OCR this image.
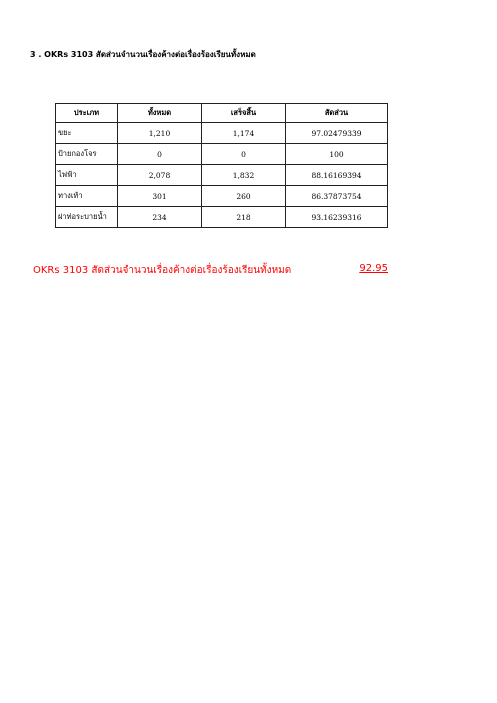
3 . OKRs 3103 สัดส่วนจำนวนเรื่องค้างต่อเรื่องร้องเรียนทั้งหมด
ประเภท	ทั้งหมด	เสร็จสิ้น	สัดส่วน
ขยะ	1,210	1,174	97.02479339
ป้ายกองโจร	0	0	100
ไฟฟ้า	2,078	1,832	88.16169394
ทางเท้า	301	260	86.37873754
ฝาท่อระบายน้ำ	234	218	93.16239316
OKRs 3103 สัดส่วนจำนวนเรื่องค้างต่อเรื่องร้องเรียนทั้งหมด	92.95
